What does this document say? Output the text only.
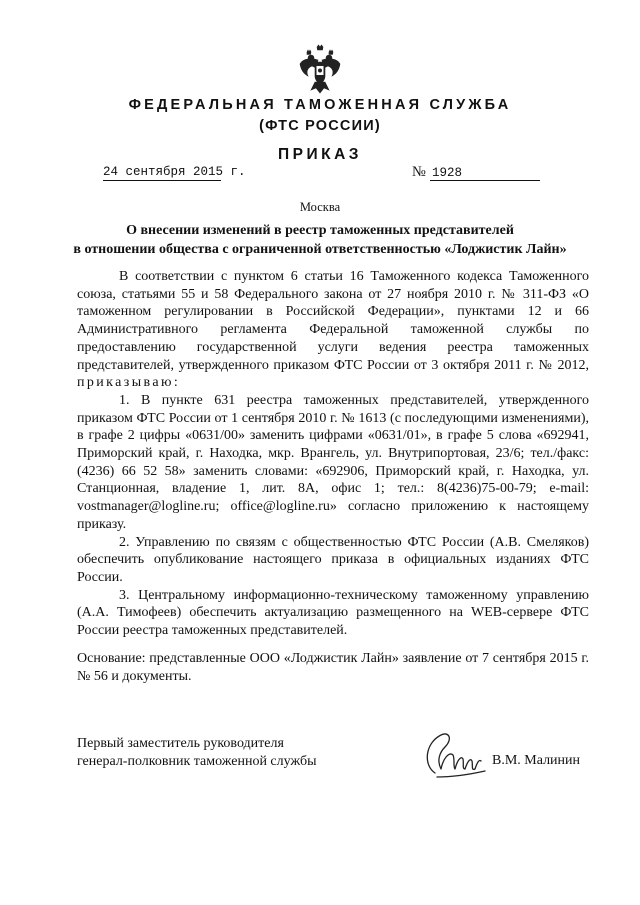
ФЕДЕРАЛЬНАЯ ТАМОЖЕННАЯ СЛУЖБА
(ФТС РОССИИ)
ПРИКАЗ
24 сентября 2015 г.	№ 1928
Москва
О внесении изменений в реестр таможенных представителей
в отношении общества с ограниченной ответственностью «Лоджистик Лайн»

В соответствии с пунктом 6 статьи 16 Таможенного кодекса Таможенного союза, статьями 55 и 58 Федерального закона от 27 ноября 2010 г. № 311-ФЗ «О таможенном регулировании в Российской Федерации», пунктами 12 и 66 Административного регламента Федеральной таможенной службы по предоставлению государственной услуги ведения реестра таможенных представителей, утвержденного приказом ФТС России от 3 октября 2011 г. № 2012, приказываю:

1. В пункте 631 реестра таможенных представителей, утвержденного приказом ФТС России от 1 сентября 2010 г. № 1613 (с последующими изменениями), в графе 2 цифры «0631/00» заменить цифрами «0631/01», в графе 5 слова «692941, Приморский край, г. Находка, мкр. Врангель, ул. Внутрипортовая, 23/6; тел./факс: (4236) 66 52 58» заменить словами: «692906, Приморский край, г. Находка, ул. Станционная, владение 1, лит. 8А, офис 1; тел.: 8(4236)75-00-79; e-mail: vostmanager@logline.ru; office@logline.ru» согласно приложению к настоящему приказу.

2. Управлению по связям с общественностью ФТС России (А.В. Смеляков) обеспечить опубликование настоящего приказа в официальных изданиях ФТС России.

3. Центральному информационно-техническому таможенному управлению (А.А. Тимофеев) обеспечить актуализацию размещенного на WEB-сервере ФТС России реестра таможенных представителей.

Основание: представленные ООО «Лоджистик Лайн» заявление от 7 сентября 2015 г. № 56 и документы.
Первый заместитель руководителя
генерал-полковник таможенной службы	В.М. Малинин
